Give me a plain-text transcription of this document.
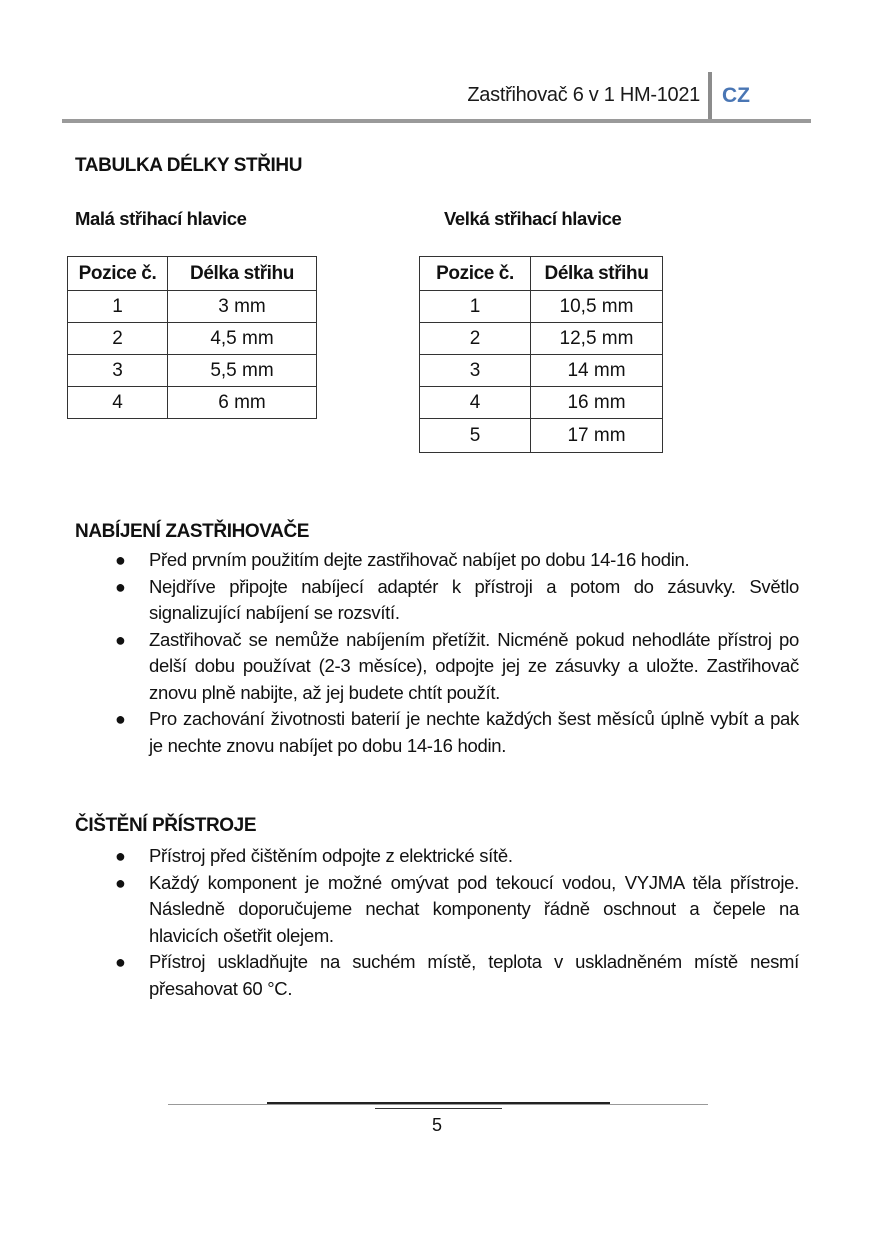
Zastřihovač 6 v 1 HM-1021 CZ
TABULKA DÉLKY STŘIHU
Malá střihací hlavice	Velká střihací hlavice
Pozice č.	Délka střihu
1	3 mm
2	4,5 mm
3	5,5 mm
4	6 mm
Pozice č.	Délka střihu
1	10,5 mm
2	12,5 mm
3	14 mm
4	16 mm
5	17 mm
NABÍJENÍ ZASTŘIHOVAČE
● Před prvním použitím dejte zastřihovač nabíjet po dobu 14-16 hodin.
● Nejdříve připojte nabíjecí adaptér k přístroji a potom do zásuvky. Světlo signalizující nabíjení se rozsvítí.
● Zastřihovač se nemůže nabíjením přetížit. Nicméně pokud nehodláte přístroj po delší dobu používat (2-3 měsíce), odpojte jej ze zásuvky a uložte. Zastřihovač znovu plně nabijte, až jej budete chtít použít.
● Pro zachování životnosti baterií je nechte každých šest měsíců úplně vybít a pak je nechte znovu nabíjet po dobu 14-16 hodin.
ČIŠTĚNÍ PŘÍSTROJE
● Přístroj před čištěním odpojte z elektrické sítě.
● Každý komponent je možné omývat pod tekoucí vodou, VYJMA těla přístroje. Následně doporučujeme nechat komponenty řádně oschnout a čepele na hlavicích ošetřit olejem.
● Přístroj uskladňujte na suchém místě, teplota v uskladněném místě nesmí přesahovat 60 °C.
5
